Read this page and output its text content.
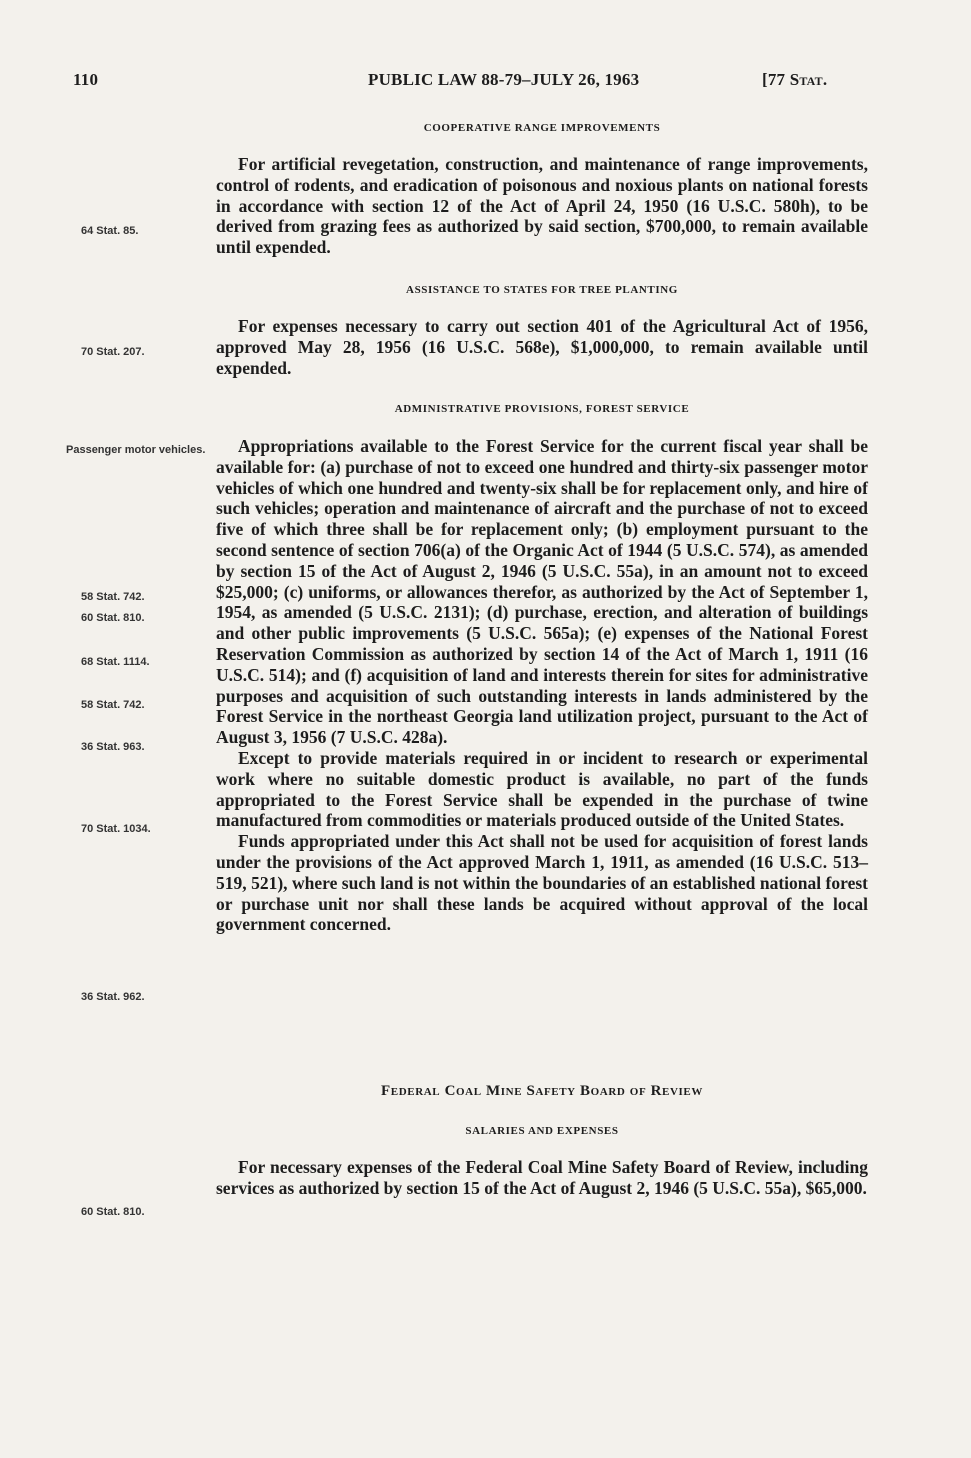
110	PUBLIC LAW 88-79–JULY 26, 1963	[77 Stat.
COOPERATIVE RANGE IMPROVEMENTS

For artificial revegetation, construction, and maintenance of range improvements, control of rodents, and eradication of poisonous and noxious plants on national forests in accordance with section 12 of the Act of April 24, 1950 (16 U.S.C. 580h), to be derived from grazing fees as authorized by said section, $700,000, to remain available until expended.

ASSISTANCE TO STATES FOR TREE PLANTING

For expenses necessary to carry out section 401 of the Agricultural Act of 1956, approved May 28, 1956 (16 U.S.C. 568e), $1,000,000, to remain available until expended.

ADMINISTRATIVE PROVISIONS, FOREST SERVICE

Appropriations available to the Forest Service for the current fiscal year shall be available for: (a) purchase of not to exceed one hundred and thirty-six passenger motor vehicles of which one hundred and twenty-six shall be for replacement only, and hire of such vehicles; operation and maintenance of aircraft and the purchase of not to exceed five of which three shall be for replacement only; (b) employment pursuant to the second sentence of section 706(a) of the Organic Act of 1944 (5 U.S.C. 574), as amended by section 15 of the Act of August 2, 1946 (5 U.S.C. 55a), in an amount not to exceed $25,000; (c) uniforms, or allowances therefor, as authorized by the Act of September 1, 1954, as amended (5 U.S.C. 2131); (d) purchase, erection, and alteration of buildings and other public improvements (5 U.S.C. 565a); (e) expenses of the National Forest Reservation Commission as authorized by section 14 of the Act of March 1, 1911 (16 U.S.C. 514); and (f) acquisition of land and interests therein for sites for administrative purposes and acquisition of such outstanding interests in lands administered by the Forest Service in the northeast Georgia land utilization project, pursuant to the Act of August 3, 1956 (7 U.S.C. 428a).

Except to provide materials required in or incident to research or experimental work where no suitable domestic product is available, no part of the funds appropriated to the Forest Service shall be expended in the purchase of twine manufactured from commodities or materials produced outside of the United States.

Funds appropriated under this Act shall not be used for acquisition of forest lands under the provisions of the Act approved March 1, 1911, as amended (16 U.S.C. 513–519, 521), where such land is not within the boundaries of an established national forest or purchase unit nor shall these lands be acquired without approval of the local government concerned.

Federal Coal Mine Safety Board of Review
SALARIES AND EXPENSES

For necessary expenses of the Federal Coal Mine Safety Board of Review, including services as authorized by section 15 of the Act of August 2, 1946 (5 U.S.C. 55a), $65,000.

64 Stat. 85.
70 Stat. 207.
Passenger motor vehicles.
58 Stat. 742.
60 Stat. 810.
68 Stat. 1114.
58 Stat. 742.
36 Stat. 963.
70 Stat. 1034.
36 Stat. 962.
60 Stat. 810.
